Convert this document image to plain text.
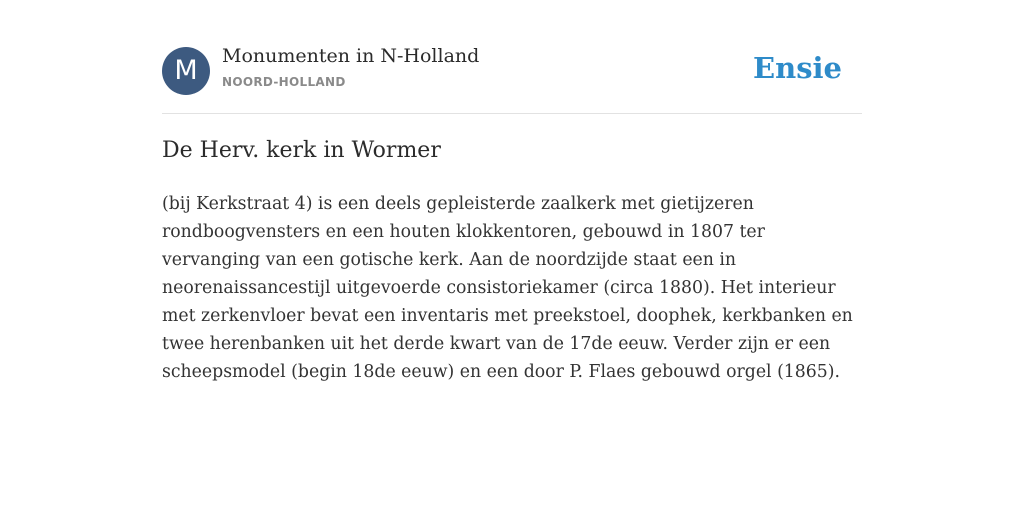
M	Monumenten in N-Holland
NOORD-HOLLAND	Ensie
De Herv. kerk in Wormer

(bij Kerkstraat 4) is een deels gepleisterde zaalkerk met gietijzeren rondboogvensters en een houten klokkentoren, gebouwd in 1807 ter vervanging van een gotische kerk. Aan de noordzijde staat een in neorenaissancestijl uitgevoerde consistoriekamer (circa 1880). Het interieur met zerkenvloer bevat een inventaris met preekstoel, doophek, kerkbanken en twee herenbanken uit het derde kwart van de 17de eeuw. Verder zijn er een scheepsmodel (begin 18de eeuw) en een door P. Flaes gebouwd orgel (1865).
